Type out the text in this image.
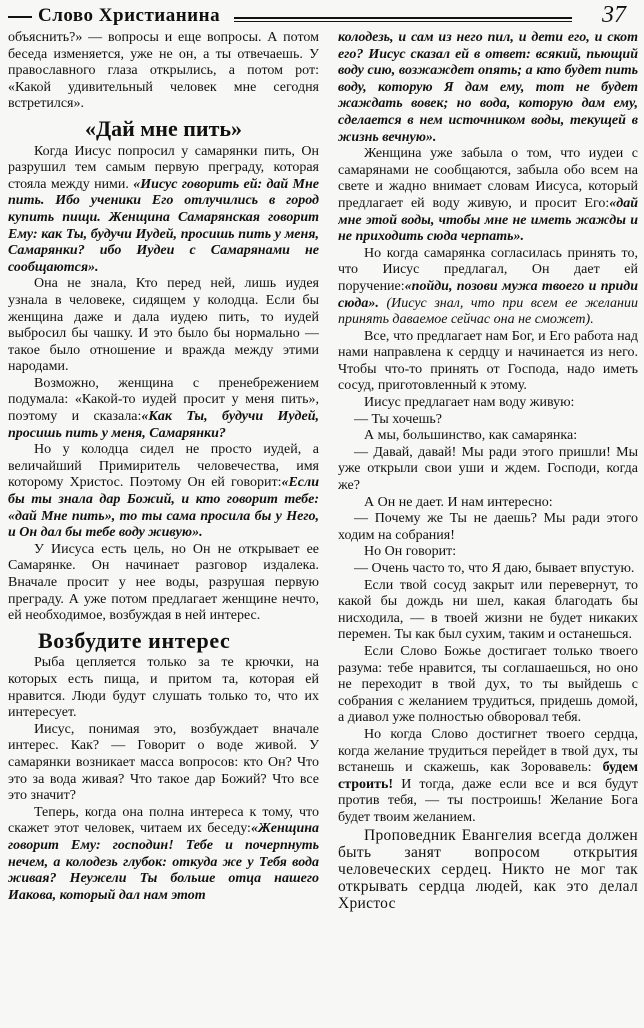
Слово Христианина	37

объяснить?» — вопросы и еще вопросы. А потом беседа изменяется, уже не он, а ты отвечаешь. У православного глаза открылись, а потом рот: «Какой удивительный человек мне сегодня встретился».

«Дай мне пить»

Когда Иисус попросил у самарянки пить, Он разрушил тем самым первую преграду, которая стояла между ними. «Иисус говорить ей: дай Мне пить. Ибо ученики Его отлучились в город купить пищи. Женщина Самарянская говорит Ему: как Ты, будучи Иудей, просишь пить у меня, Самарянки? ибо Иудеи с Самарянами не сообщаются».

Она не знала, Кто перед ней, лишь иудея узнала в человеке, сидящем у колодца. Если бы женщина даже и дала иудею пить, то иудей выбросил бы чашку. И это было бы нормально — такое было отношение и вражда между этими народами.

Возможно, женщина с пренебрежением подумала: «Какой-то иудей просит у меня пить», поэтому и сказала:«Как Ты, будучи Иудей, просишь пить у меня, Самарянки?

Но у колодца сидел не просто иудей, а величайший Примиритель человечества, имя которому Христос. Поэтому Он ей говорит:«Если бы ты знала дар Божий, и кто говорит тебе: «дай Мне пить», то ты сама просила бы у Него, и Он дал бы тебе воду живую».

У Иисуса есть цель, но Он не открывает ее Самарянке. Он начинает разговор издалека. Вначале просит у нее воды, разрушая первую преграду. А уже потом предлагает женщине нечто, ей необходимое, возбуждая в ней интерес.

Возбудите интерес

Рыба цепляется только за те крючки, на которых есть пища, и притом та, которая ей нравится. Люди будут слушать только то, что их интересует.

Иисус, понимая это, возбуждает вначале интерес. Как? — Говорит о воде живой. У самарянки возникает масса вопросов: кто Он? Что это за вода живая? Что такое дар Божий? Что все это значит?

Теперь, когда она полна интереса к тому, что скажет этот человек, читаем их беседу:«Женщина говорит Ему: господин! Тебе и почерпнуть нечем, а колодезь глубок: откуда же у Тебя вода живая? Неужели Ты больше отца нашего Иакова, который дал нам этот

колодезь, и сам из него пил, и дети его, и скот его? Иисус сказал ей в ответ: всякий, пьющий воду сию, возжаждет опять; а кто будет пить воду, которую Я дам ему, тот не будет жаждать вовек; но вода, которую дам ему, сделается в нем источником воды, текущей в жизнь вечную».

Женщина уже забыла о том, что иудеи с самарянами не сообщаются, забыла обо всем на свете и жадно внимает словам Иисуса, который предлагает ей воду живую, и просит Его:«дай мне этой воды, чтобы мне не иметь жажды и не приходить сюда черпать».

Но когда самарянка согласилась принять то, что Иисус предлагал, Он дает ей поручение:«пойди, позови мужа твоего и приди сюда». (Иисус знал, что при всем ее желании принять даваемое сейчас она не сможет).

Все, что предлагает нам Бог, и Его работа над нами направлена к сердцу и начинается из него. Чтобы что-то принять от Господа, надо иметь сосуд, приготовленный к этому.

Иисус предлагает нам воду живую:

— Ты хочешь?

А мы, большинство, как самарянка:

— Давай, давай! Мы ради этого пришли! Мы уже открыли свои уши и ждем. Господи, когда же?

А Он не дает. И нам интересно:

— Почему же Ты не даешь? Мы ради этого ходим на собрания!

Но Он говорит:

— Очень часто то, что Я даю, бывает впустую.

Если твой сосуд закрыт или перевернут, то какой бы дождь ни шел, какая благодать бы нисходила, — в твоей жизни не будет никаких перемен. Ты как был сухим, таким и останешься.

Если Слово Божье достигает только твоего разума: тебе нравится, ты соглашаешься, но оно не переходит в твой дух, то ты выйдешь с собрания с желанием трудиться, придешь домой, а диавол уже полностью обворовал тебя.

Но когда Слово достигнет твоего сердца, когда желание трудиться перейдет в твой дух, ты встанешь и скажешь, как Зоровавель: будем строить! И тогда, даже если все и вся будут против тебя, — ты построишь! Желание Бога будет твоим желанием.

Проповедник Евангелия всегда должен быть занят вопросом открытия человеческих сердец. Никто не мог так открывать сердца людей, как это делал Христос
